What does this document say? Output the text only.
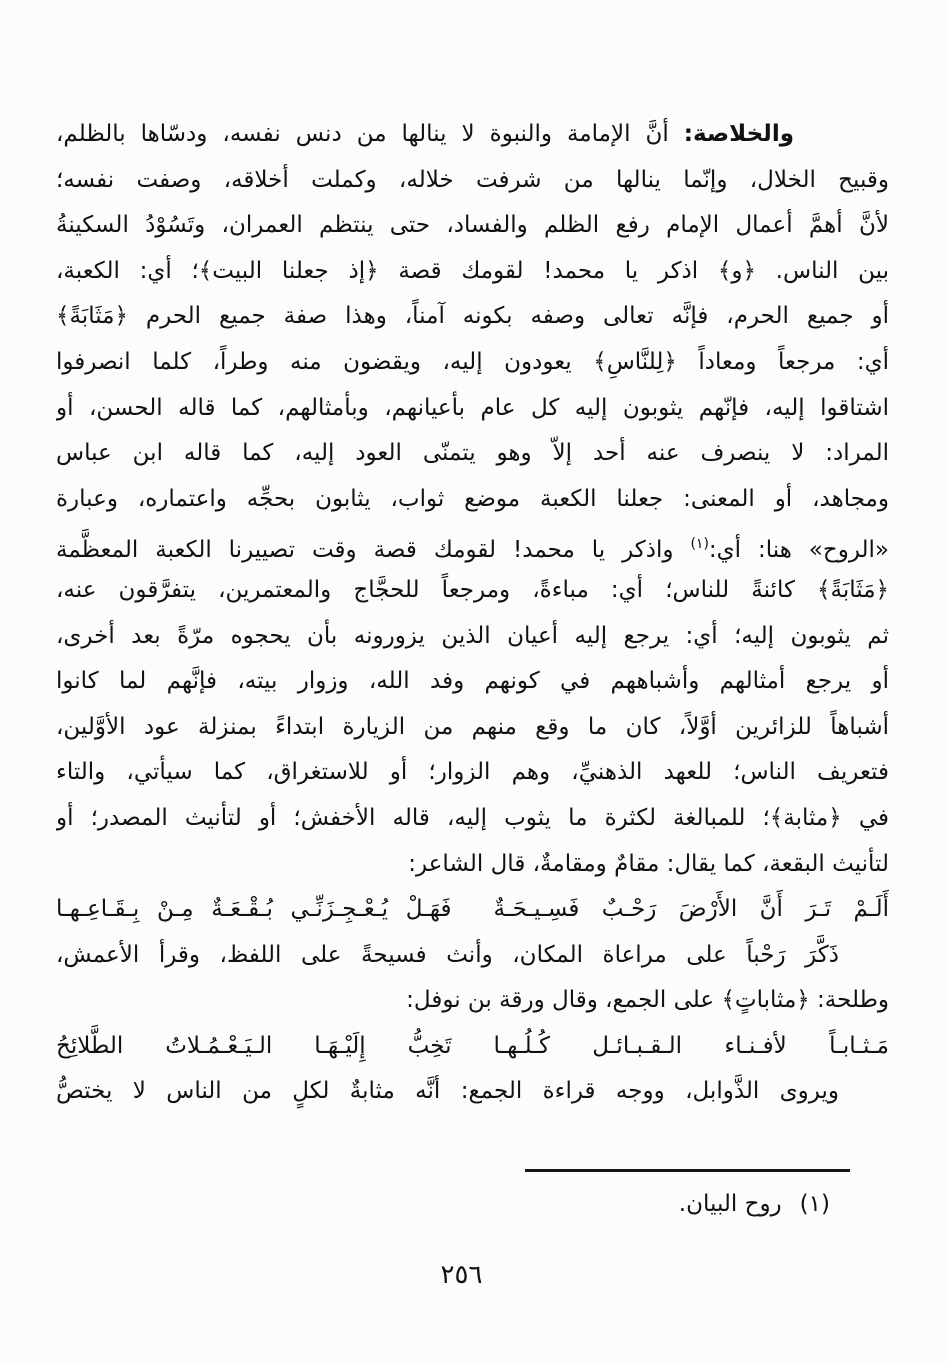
والخلاصة: أنَّ الإمامة والنبوة لا ينالها من دنس نفسه، ودسّاها بالظلم،
وقبيح الخلال، وإنّما ينالها من شرفت خلاله، وكملت أخلاقه، وصفت نفسه؛
لأنَّ أهمَّ أعمال الإمام رفع الظلم والفساد، حتى ينتظم العمران، وتَسُوْدُ السكينةُ
بين الناس. ﴿و﴾ اذكر يا محمد! لقومك قصة ﴿إذ جعلنا البيت﴾؛ أي: الكعبة،
أو جميع الحرم، فإنَّه تعالى وصفه بكونه آمناً، وهذا صفة جميع الحرم ﴿مَثَابَةً﴾
أي: مرجعاً ومعاداً ﴿لِلنَّاسِ﴾ يعودون إليه، ويقضون منه وطراً، كلما انصرفوا
اشتاقوا إليه، فإنّهم يثوبون إليه كل عام بأعيانهم، وبأمثالهم، كما قاله الحسن، أو
المراد: لا ينصرف عنه أحد إلاّ وهو يتمنّى العود إليه، كما قاله ابن عباس
ومجاهد، أو المعنى: جعلنا الكعبة موضع ثواب، يثابون بحجِّه واعتماره، وعبارة
«الروح» هنا: أي:$^{(١)}$ واذكر يا محمد! لقومك قصة وقت تصييرنا الكعبة المعظَّمة
﴿مَثَابَةً﴾ كائنةً للناس؛ أي: مباءةً، ومرجعاً للحجَّاج والمعتمرين، يتفرَّقون عنه،
ثم يثوبون إليه؛ أي: يرجع إليه أعيان الذين يزورونه بأن يحجوه مرّةً بعد أخرى،
أو يرجع أمثالهم وأشباههم في كونهم وفد الله، وزوار بيته، فإنَّهم لما كانوا
أشباهاً للزائرين أوَّلاً، كان ما وقع منهم من الزيارة ابتداءً بمنزلة عود الأوَّلين،
فتعريف الناس؛ للعهد الذهنيِّ، وهم الزوار؛ أو للاستغراق، كما سيأتي، والتاء
في ﴿مثابة﴾؛ للمبالغة لكثرة ما يثوب إليه، قاله الأخفش؛ أو لتأنيث المصدر؛ أو
لتأنيث البقعة، كما يقال: مقامٌ ومقامةٌ، قال الشاعر:
أَلَـمْ تَـرَ أَنَّ الأَرْضَ رَحْـبٌ فَسِـيـحَـةٌ
فَهَـلْ يُـعْـجِـزَنِّـي بُـقْـعَـةٌ مِـنْ بِـقَـاعِـهـا
ذَكَّرَ رَحْباً على مراعاة المكان، وأنث فسيحةً على اللفظ، وقرأ الأعمش،
وطلحة: ﴿مثاباتٍ﴾ على الجمع، وقال ورقة بن نوفل:
مَـثـابـاً لأفـنـاء الـقـبـائـل كُـلُـهـا
تَخِبُّ إِلَيْـهَـا الـيَـعْـمُـلاتُ الطَّلائِحُ
ويروى الذَّوابل، ووجه قراءة الجمع: أنَّه مثابةٌ لكلٍ من الناس لا يختصُّ
(١)روح البيان.
٢٥٦
